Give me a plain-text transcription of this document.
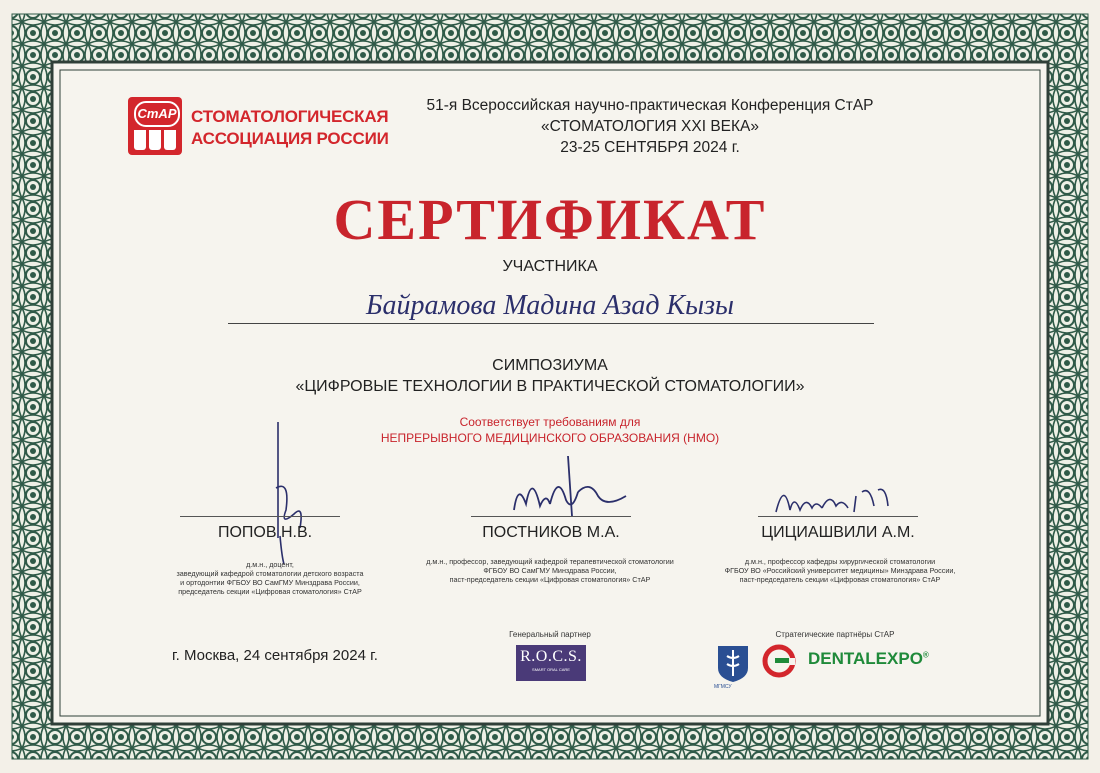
СтАР СТОМАТОЛОГИЧЕСКАЯ
АССОЦИАЦИЯ РОССИИ
51-я Всероссийская научно-практическая Конференция СтАР
«СТОМАТОЛОГИЯ XXI ВЕКА»
23-25 СЕНТЯБРЯ 2024 г.
СЕРТИФИКАТ
УЧАСТНИКА
Байрамова Мадина Азад Кызы
СИМПОЗИУМА
«ЦИФРОВЫЕ ТЕХНОЛОГИИ В ПРАКТИЧЕСКОЙ СТОМАТОЛОГИИ»
Соответствует требованиям для
НЕПРЕРЫВНОГО МЕДИЦИНСКОГО ОБРАЗОВАНИЯ (НМО)
ПОПОВ Н.В.
д.м.н., доцент,
заведующий кафедрой стоматологии детского возраста
и ортодонтии ФГБОУ ВО СамГМУ Минздрава России,
председатель секции «Цифровая стоматология» СтАР
ПОСТНИКОВ М.А.
д.м.н., профессор, заведующий кафедрой терапевтической стоматологии
ФГБОУ ВО СамГМУ Минздрава России,
паст-председатель секции «Цифровая стоматология» СтАР
ЦИЦИАШВИЛИ А.М.
д.м.н., профессор кафедры хирургической стоматологии
ФГБОУ ВО «Российский университет медицины» Минздрава России,
паст-председатель секции «Цифровая стоматология» СтАР
г. Москва, 24 сентября 2024 г.
Генеральный партнер
R.O.C.S.
SMART ORAL CARE
Стратегические партнёры СтАР
МГМСУ
DENTALEXPO®
